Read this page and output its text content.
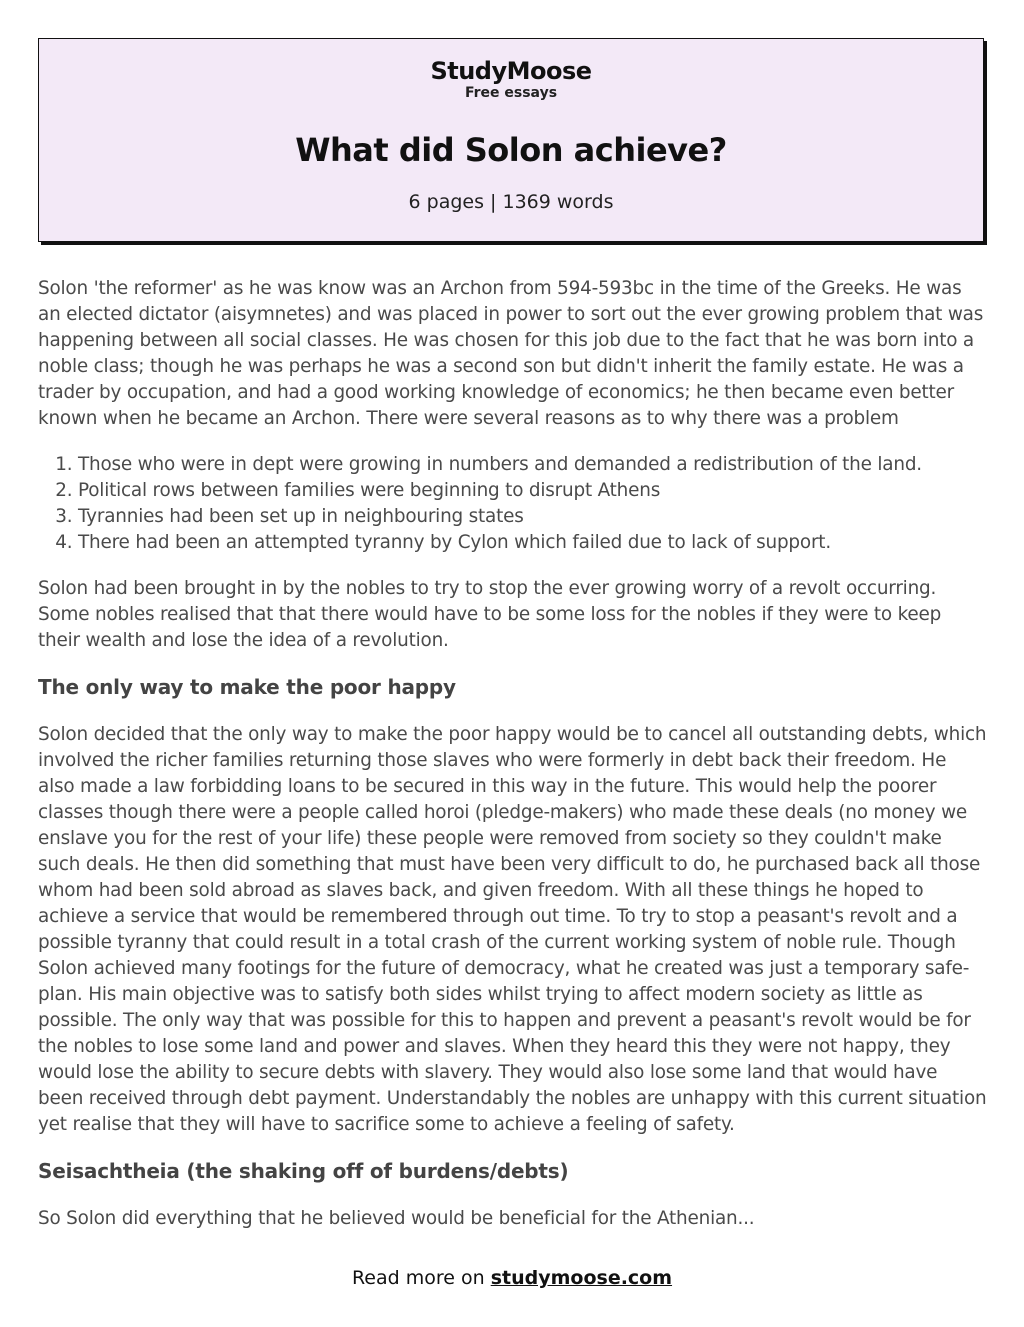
StudyMoose
Free essays
What did Solon achieve?
6 pages | 1369 words

Solon 'the reformer' as he was know was an Archon from 594-593bc in the time of the Greeks. He was an elected dictator (aisymnetes) and was placed in power to sort out the ever growing problem that was happening between all social classes. He was chosen for this job due to the fact that he was born into a noble class; though he was perhaps he was a second son but didn't inherit the family estate. He was a trader by occupation, and had a good working knowledge of economics; he then became even better known when he became an Archon. There were several reasons as to why there was a problem

1. Those who were in dept were growing in numbers and demanded a redistribution of the land.
2. Political rows between families were beginning to disrupt Athens
3. Tyrannies had been set up in neighbouring states
4. There had been an attempted tyranny by Cylon which failed due to lack of support.

Solon had been brought in by the nobles to try to stop the ever growing worry of a revolt occurring. Some nobles realised that that there would have to be some loss for the nobles if they were to keep their wealth and lose the idea of a revolution.

The only way to make the poor happy

Solon decided that the only way to make the poor happy would be to cancel all outstanding debts, which involved the richer families returning those slaves who were formerly in debt back their freedom. He also made a law forbidding loans to be secured in this way in the future. This would help the poorer classes though there were a people called horoi (pledge-makers) who made these deals (no money we enslave you for the rest of your life) these people were removed from society so they couldn't make such deals. He then did something that must have been very difficult to do, he purchased back all those whom had been sold abroad as slaves back, and given freedom. With all these things he hoped to achieve a service that would be remembered through out time. To try to stop a peasant's revolt and a possible tyranny that could result in a total crash of the current working system of noble rule. Though Solon achieved many footings for the future of democracy, what he created was just a temporary safe-plan. His main objective was to satisfy both sides whilst trying to affect modern society as little as possible. The only way that was possible for this to happen and prevent a peasant's revolt would be for the nobles to lose some land and power and slaves. When they heard this they were not happy, they would lose the ability to secure debts with slavery. They would also lose some land that would have been received through debt payment. Understandably the nobles are unhappy with this current situation yet realise that they will have to sacrifice some to achieve a feeling of safety.

Seisachtheia (the shaking off of burdens/debts)

So Solon did everything that he believed would be beneficial for the Athenian...

Read more on studymoose.com
